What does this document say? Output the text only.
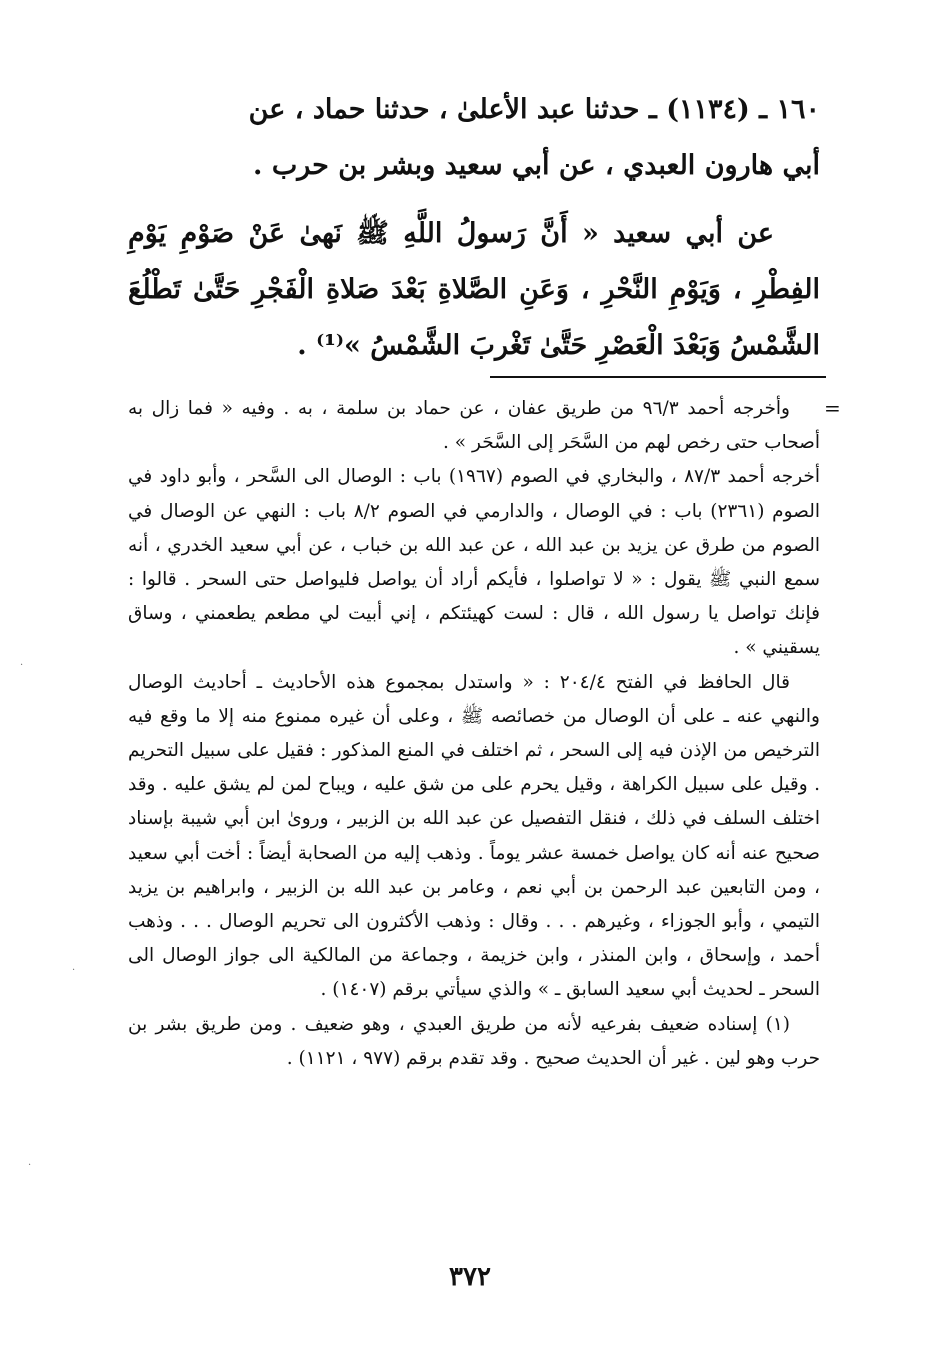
١٦٠ ـ (١١٣٤) ـ حدثنا عبد الأعلىٰ ، حدثنا حماد ، عن

أبي هارون العبدي ، عن أبي سعيد وبشر بن حرب .

عن أبي سعيد « أَنَّ رَسولُ اللَّهِ ﷺ نَهىٰ عَنْ صَوْمِ يَوْمِ الفِطْرِ ، وَيَوْمِ النَّحْرِ ، وَعَنِ الصَّلاةِ بَعْدَ صَلاةِ الْفَجْرِ حَتَّىٰ تَطْلُعَ الشَّمْسُ وَبَعْدَ الْعَصْرِ حَتَّىٰ تَغْربَ الشَّمْسُ »⁽¹⁾ .

=

وأخرجه أحمد ٩٦/٣ من طريق عفان ، عن حماد بن سلمة ، به . وفيه « فما زال به أصحاب حتى رخص لهم من السَّحَر إلى السَّحَر » .

أخرجه أحمد ٨٧/٣ ، والبخاري في الصوم (١٩٦٧) باب : الوصال الى السَّحر ، وأبو داود في الصوم (٢٣٦١) باب : في الوصال ، والدارمي في الصوم ٨/٢ باب : النهي عن الوصال في الصوم من طرق عن يزيد بن عبد الله ، عن عبد الله بن خباب ، عن أبي سعيد الخدري ، أنه سمع النبي ﷺ يقول : « لا تواصلوا ، فأيكم أراد أن يواصل فليواصل حتى السحر . قالوا : فإنك تواصل يا رسول الله ، قال : لست كهيئتكم ، إني أبيت لي مطعم يطعمني ، وساق يسقيني » .

قال الحافظ في الفتح ٢٠٤/٤ : « واستدل بمجموع هذه الأحاديث ـ أحاديث الوصال والنهي عنه ـ على أن الوصال من خصائصه ﷺ ، وعلى أن غيره ممنوع منه إلا ما وقع فيه الترخيص من الإذن فيه إلى السحر ، ثم اختلف في المنع المذكور : فقيل على سبيل التحريم . وقيل على سبيل الكراهة ، وقيل يحرم على من شق عليه ، ويباح لمن لم يشق عليه . وقد اختلف السلف في ذلك ، فنقل التفصيل عن عبد الله بن الزبير ، وروىٰ ابن أبي شيبة بإسناد صحيح عنه أنه كان يواصل خمسة عشر يوماً . وذهب إليه من الصحابة أيضاً : أخت أبي سعيد ، ومن التابعين عبد الرحمن بن أبي نعم ، وعامر بن عبد الله بن الزبير ، وابراهيم بن يزيد التيمي ، وأبو الجوزاء ، وغيرهم . . . وقال : وذهب الأكثرون الى تحريم الوصال . . . وذهب أحمد ، وإسحاق ، وابن المنذر ، وابن خزيمة ، وجماعة من المالكية الى جواز الوصال الى السحر ـ لحديث أبي سعيد السابق ـ » والذي سيأتي برقم (١٤٠٧) .

(١) إسناده ضعيف بفرعيه لأنه من طريق العبدي ، وهو ضعيف . ومن طريق بشر بن حرب وهو لين . غير أن الحديث صحيح . وقد تقدم برقم (٩٧٧ ، ١١٢١) .

٣٧٢
·
·
·
